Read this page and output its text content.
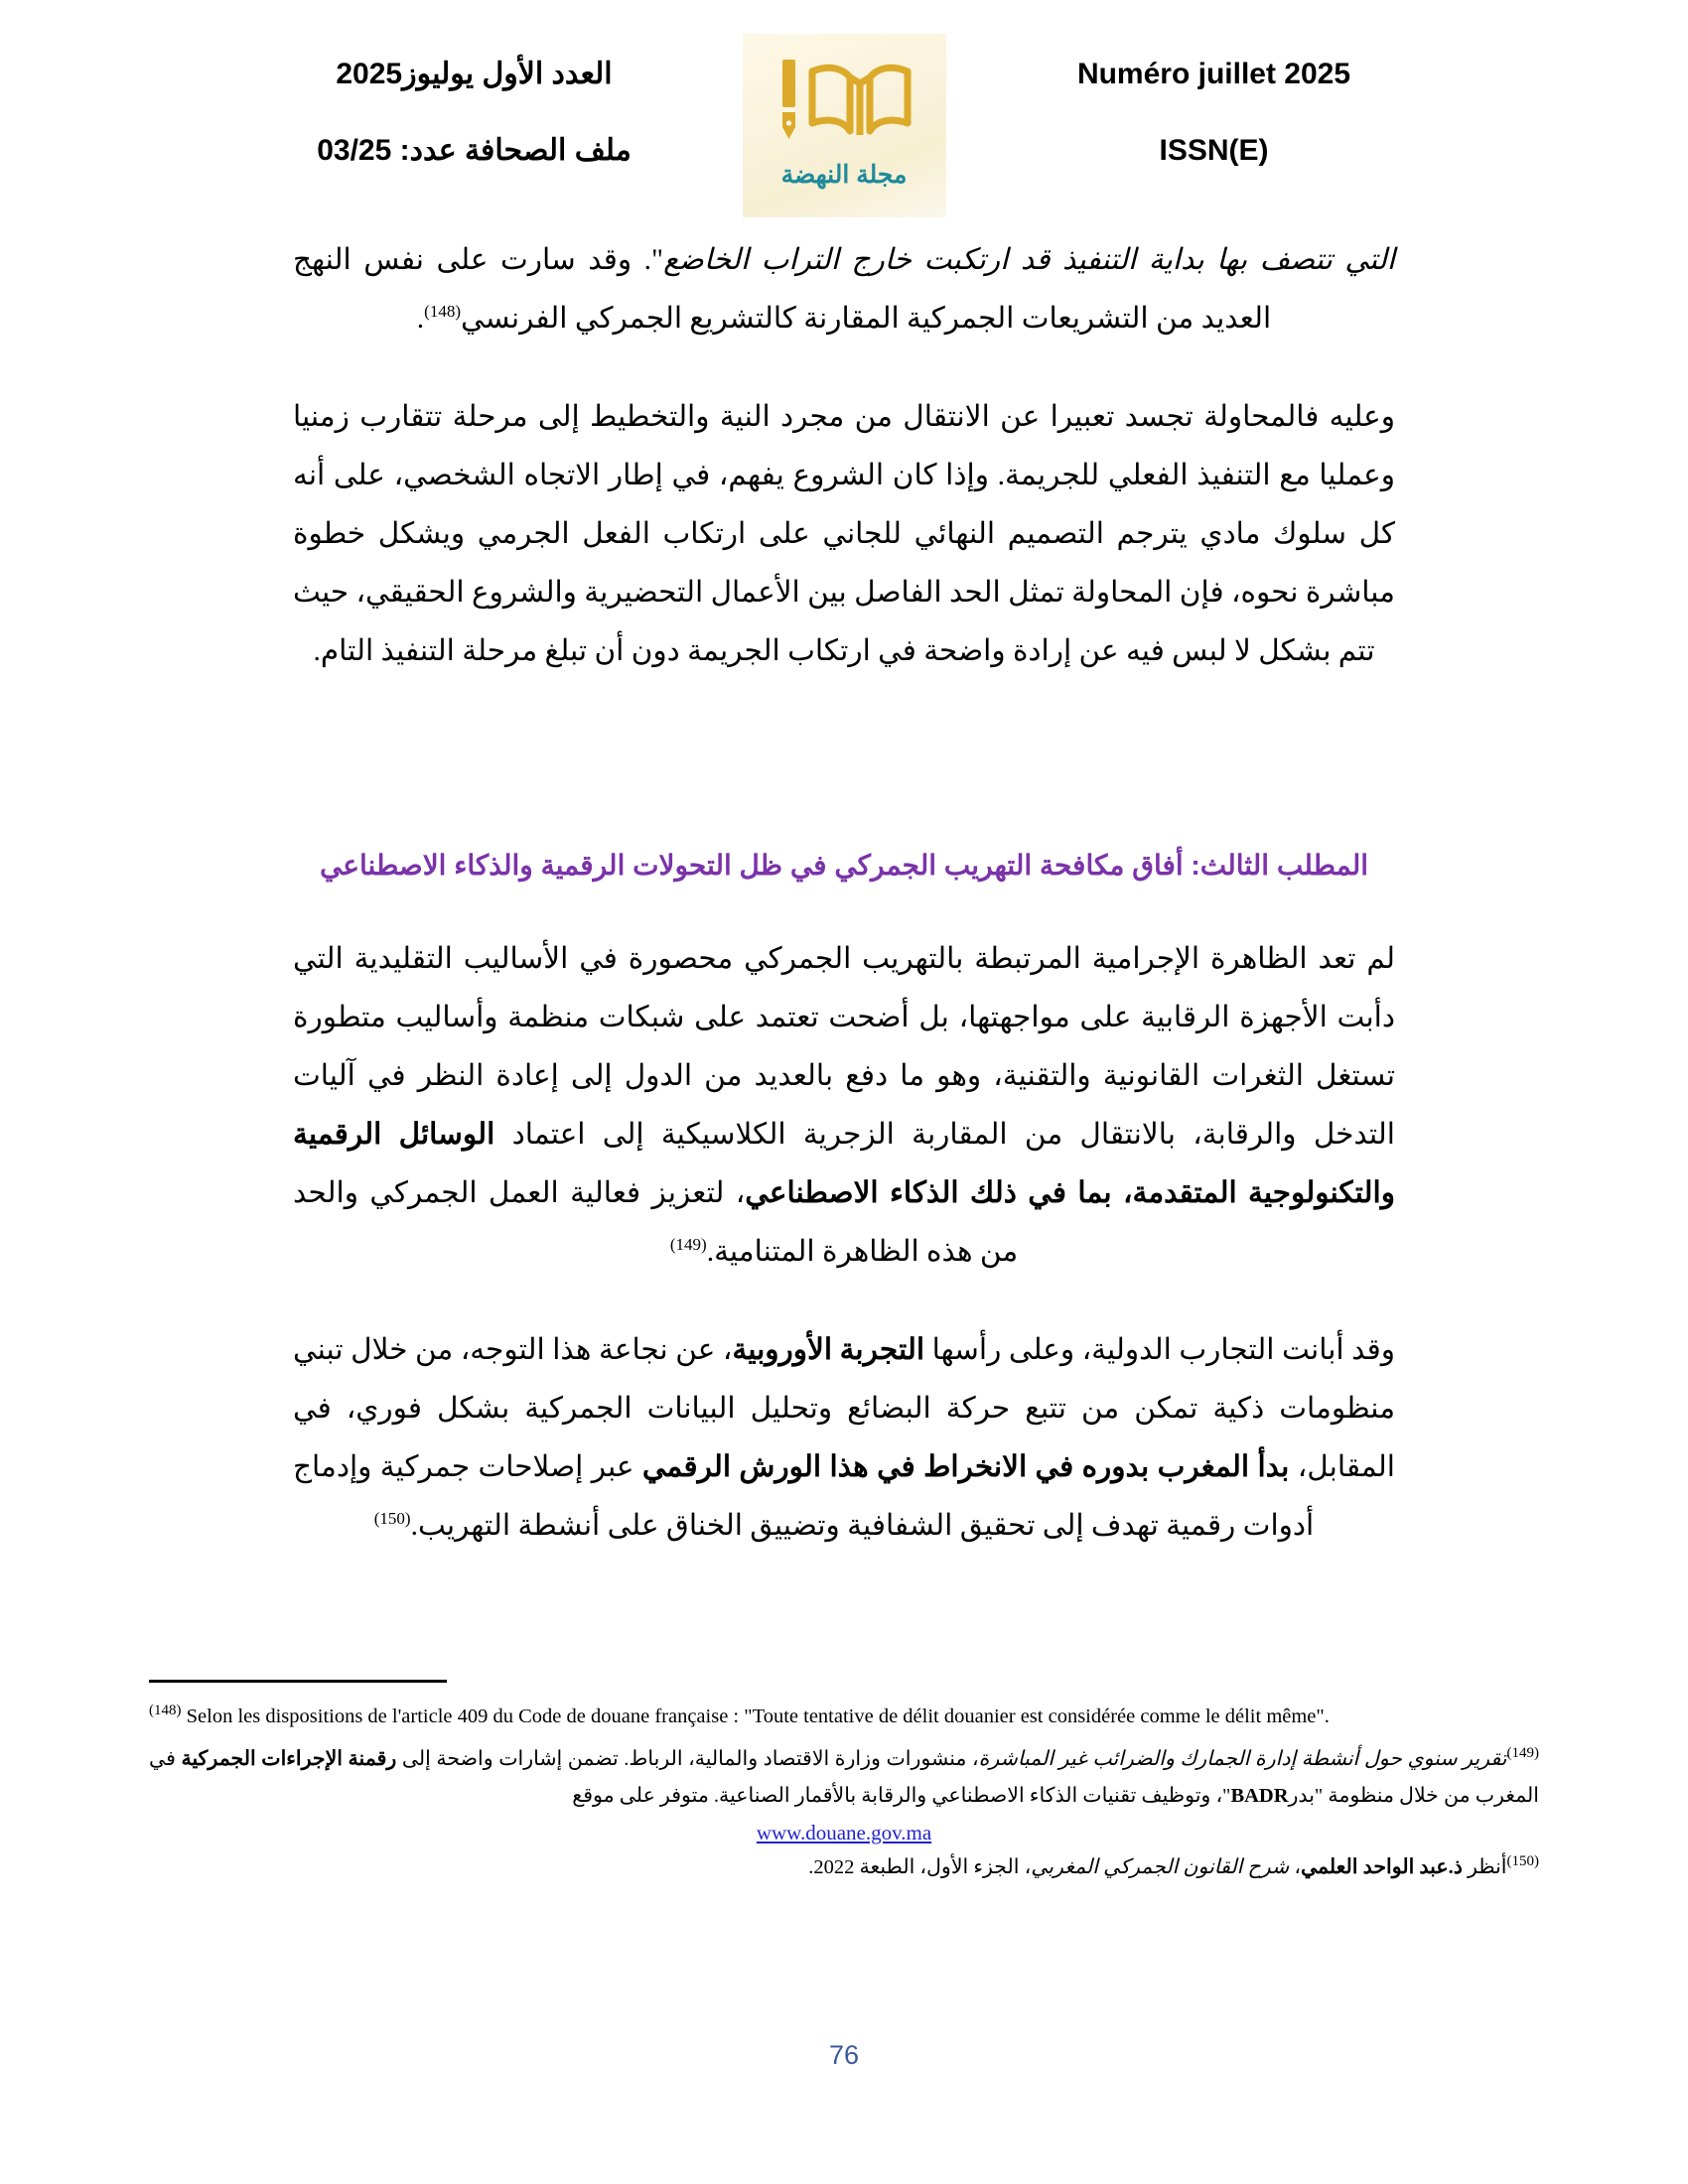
Numéro juillet 2025
ISSN(E)
مجلة النهضة
العدد الأول يوليوز2025
ملف الصحافة عدد: 03/25

التي تتصف بها بداية التنفيذ قد ارتكبت خارج التراب الخاضع". وقد سارت على نفس النهج العديد من التشريعات الجمركية المقارنة كالتشريع الجمركي الفرنسي$^{(148)}$.

وعليه فالمحاولة تجسد تعبيرا عن الانتقال من مجرد النية والتخطيط إلى مرحلة تتقارب زمنيا وعمليا مع التنفيذ الفعلي للجريمة. وإذا كان الشروع يفهم، في إطار الاتجاه الشخصي، على أنه كل سلوك مادي يترجم التصميم النهائي للجاني على ارتكاب الفعل الجرمي ويشكل خطوة مباشرة نحوه، فإن المحاولة تمثل الحد الفاصل بين الأعمال التحضيرية والشروع الحقيقي، حيث تتم بشكل لا لبس فيه عن إرادة واضحة في ارتكاب الجريمة دون أن تبلغ مرحلة التنفيذ التام.

المطلب الثالث: أفاق مكافحة التهريب الجمركي في ظل التحولات الرقمية والذكاء الاصطناعي

لم تعد الظاهرة الإجرامية المرتبطة بالتهريب الجمركي محصورة في الأساليب التقليدية التي دأبت الأجهزة الرقابية على مواجهتها، بل أضحت تعتمد على شبكات منظمة وأساليب متطورة تستغل الثغرات القانونية والتقنية، وهو ما دفع بالعديد من الدول إلى إعادة النظر في آليات التدخل والرقابة، بالانتقال من المقاربة الزجرية الكلاسيكية إلى اعتماد الوسائل الرقمية والتكنولوجية المتقدمة، بما في ذلك الذكاء الاصطناعي، لتعزيز فعالية العمل الجمركي والحد من هذه الظاهرة المتنامية.$^{(149)}$

وقد أبانت التجارب الدولية، وعلى رأسها التجربة الأوروبية، عن نجاعة هذا التوجه، من خلال تبني منظومات ذكية تمكن من تتبع حركة البضائع وتحليل البيانات الجمركية بشكل فوري، في المقابل، بدأ المغرب بدوره في الانخراط في هذا الورش الرقمي عبر إصلاحات جمركية وإدماج أدوات رقمية تهدف إلى تحقيق الشفافية وتضييق الخناق على أنشطة التهريب.$^{(150)}$

$^{(148)}$ Selon les dispositions de l'article 409 du Code de douane française : "Toute tentative de délit douanier est considérée comme le délit même".

$^{(149)}$تقرير سنوي حول أنشطة إدارة الجمارك والضرائب غير المباشرة، منشورات وزارة الاقتصاد والمالية، الرباط. تضمن إشارات واضحة إلى رقمنة الإجراءات الجمركية في المغرب من خلال منظومة "بدرBADR"، وتوظيف تقنيات الذكاء الاصطناعي والرقابة بالأقمار الصناعية. متوفر على موقع

www.douane.gov.ma

$^{(150)}$أنظر ذ.عبد الواحد العلمي، شرح القانون الجمركي المغربي، الجزء الأول، الطبعة 2022.

76
